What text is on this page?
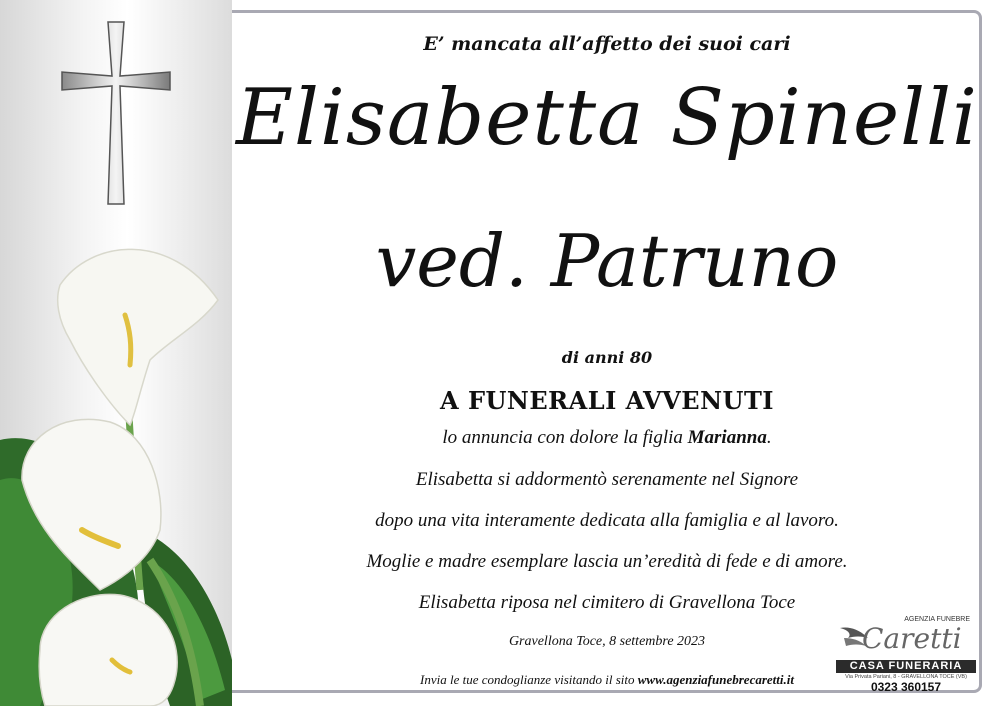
E’ mancata all’affetto dei suoi cari
Elisabetta Spinelli
ved. Patruno
di anni 80
A FUNERALI AVVENUTI
lo annuncia con dolore la figlia Marianna.
Elisabetta si addormentò serenamente nel Signore
dopo una vita interamente dedicata alla famiglia e al lavoro.
Moglie e madre esemplare lascia un’eredità di fede e di amore.
Elisabetta riposa nel cimitero di Gravellona Toce
Gravellona Toce, 8 settembre 2023
Invia le tue condoglianze visitando il sito www.agenziafunebrecaretti.it
AGENZIA FUNEBRE
Caretti
CASA FUNERARIA
Via Privata Pariani, 8 - GRAVELLONA TOCE (VB)
0323 360157
